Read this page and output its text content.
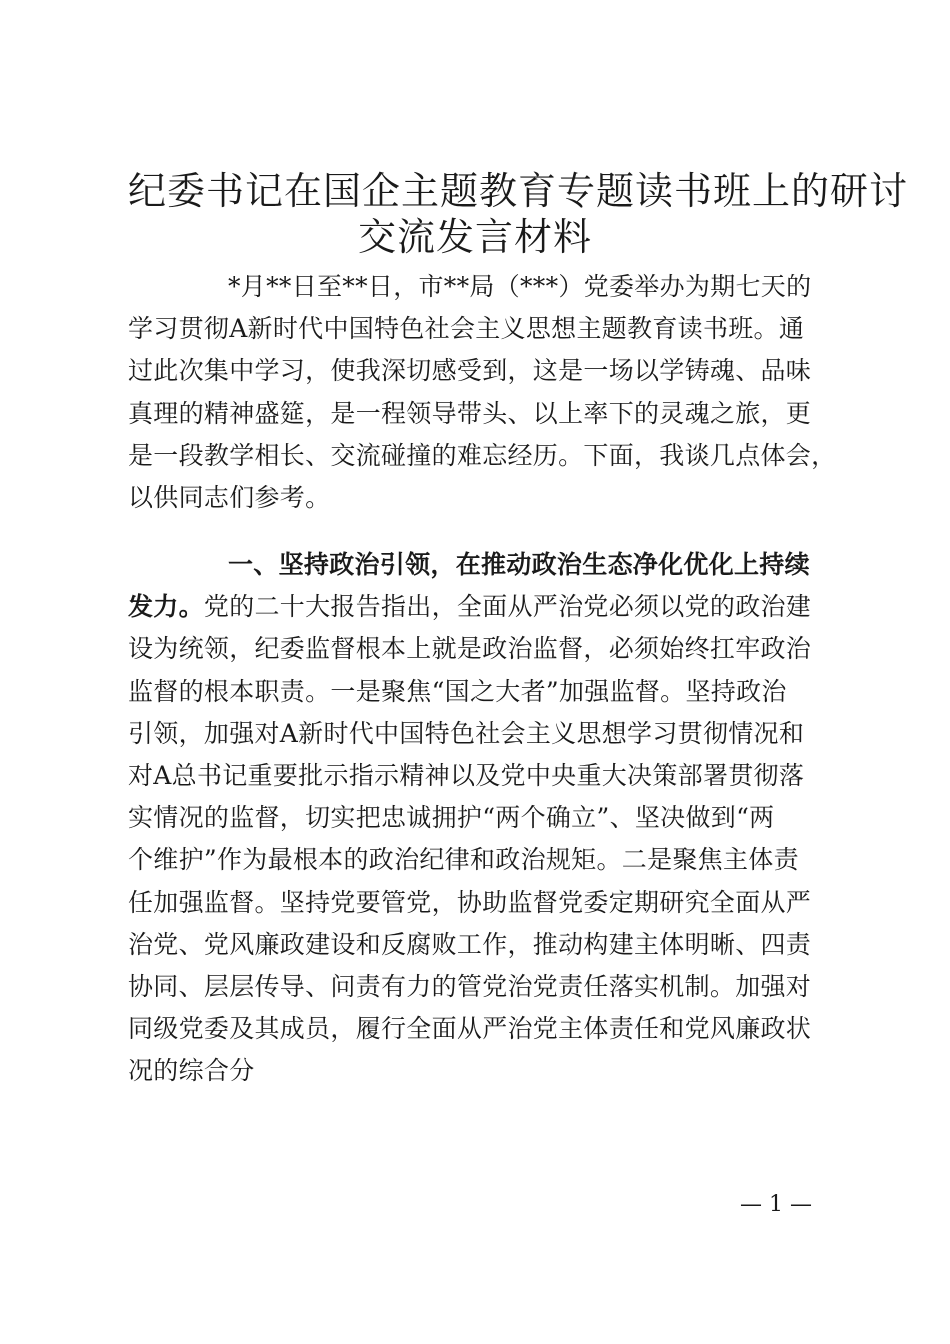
纪委书记在国企主题教育专题读书班上的研讨
交流发言材料
*月**日至**日，市**局（***）党委举办为期七天的
学习贯彻A新时代中国特色社会主义思想主题教育读书班。通
过此次集中学习，使我深切感受到，这是一场以学铸魂、品味
真理的精神盛筵，是一程领导带头、以上率下的灵魂之旅，更
是一段教学相长、交流碰撞的难忘经历。下面，我谈几点体会，
以供同志们参考。
一、坚持政治引领，在推动政治生态净化优化上持续
发力。党的二十大报告指出，全面从严治党必须以党的政治建
设为统领，纪委监督根本上就是政治监督，必须始终扛牢政治
监督的根本职责。一是聚焦“国之大者”加强监督。坚持政治
引领，加强对A新时代中国特色社会主义思想学习贯彻情况和
对A总书记重要批示指示精神以及党中央重大决策部署贯彻落
实情况的监督，切实把忠诚拥护“两个确立”、坚决做到“两
个维护”作为最根本的政治纪律和政治规矩。二是聚焦主体责
任加强监督。坚持党要管党，协助监督党委定期研究全面从严
治党、党风廉政建设和反腐败工作，推动构建主体明晰、四责
协同、层层传导、问责有力的管党治党责任落实机制。加强对
同级党委及其成员，履行全面从严治党主体责任和党风廉政状
况的综合分
— 1 —
